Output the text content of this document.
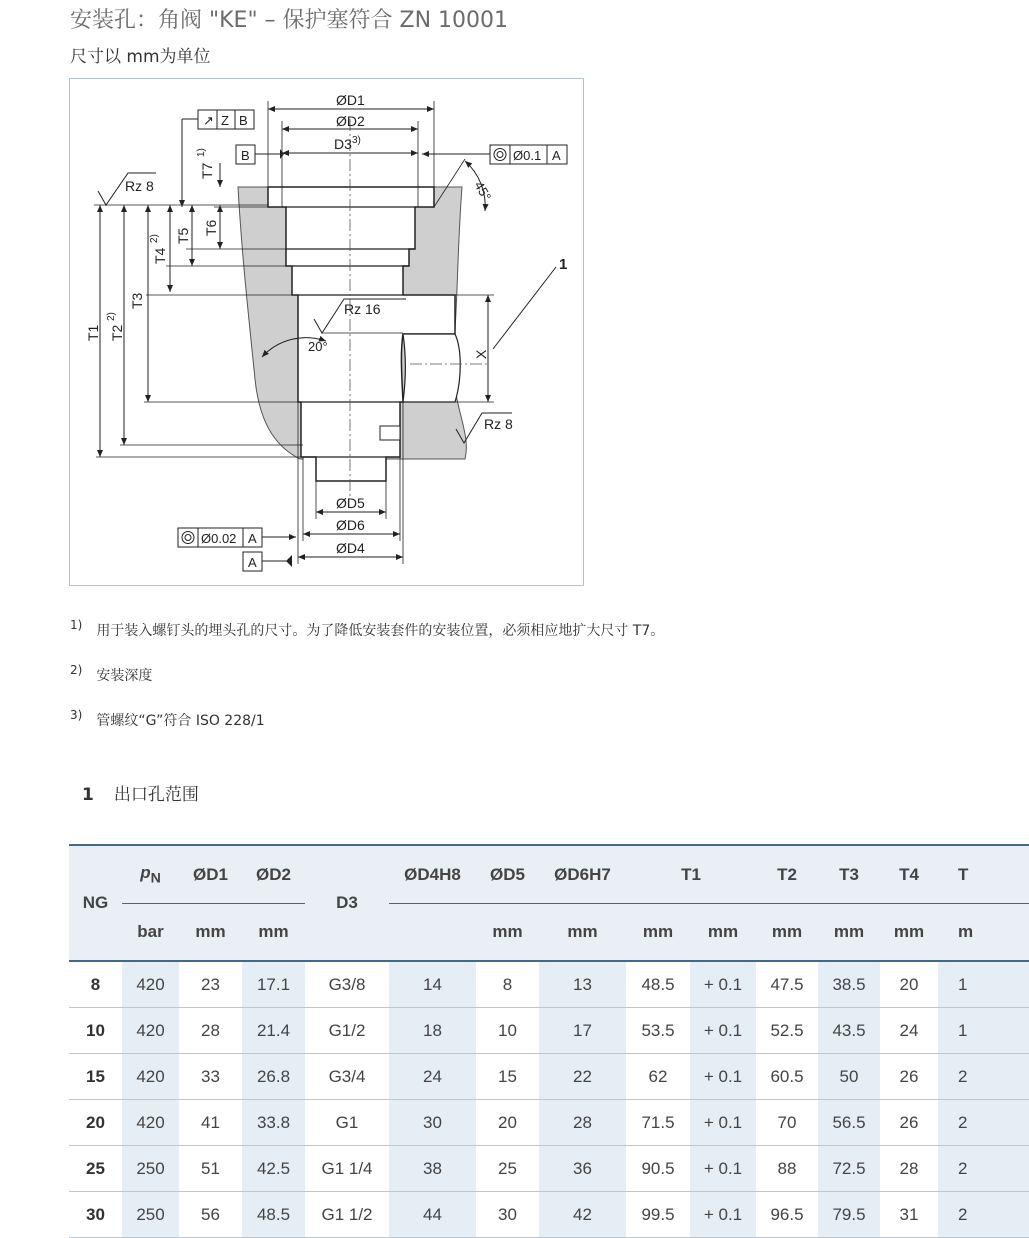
安装孔：角阀 "KE" – 保护塞符合 ZN 10001
尺寸以 mm为单位
ØD1
ØD2
D3 3)
↗ Z B
B	Ø0.1 A
45°
Rz 8
T1 T2
2)
T3
T4
2) T5 T6
T7
1)
Rz 16
20°
X
1
Rz 8
ØD5
ØD6
ØD4
Ø0.02 A
A
$^{1)}$ 用于装入螺钉头的埋头孔的尺寸。为了降低安装套件的安装位置，必须相应地扩大尺寸 T7。
$^{2)}$ 安装深度
$^{3)}$ 管螺纹“G”符合 ISO 228/1
1 出口孔范围
NG	$p_N$	ØD1	ØD2	D3	ØD4H8	ØD5	ØD6H7	T1		T2	T3	T4	T
	bar	mm	mm			mm	mm	mm	mm	mm	mm	mm	m
8	420	23	17.1	G3/8	14	8	13	48.5	+ 0.1	47.5	38.5	20	1
10	420	28	21.4	G1/2	18	10	17	53.5	+ 0.1	52.5	43.5	24	1
15	420	33	26.8	G3/4	24	15	22	62	+ 0.1	60.5	50	26	2
20	420	41	33.8	G1	30	20	28	71.5	+ 0.1	70	56.5	26	2
25	250	51	42.5	G1 1/4	38	25	36	90.5	+ 0.1	88	72.5	28	2
30	250	56	48.5	G1 1/2	44	30	42	99.5	+ 0.1	96.5	79.5	31	2
